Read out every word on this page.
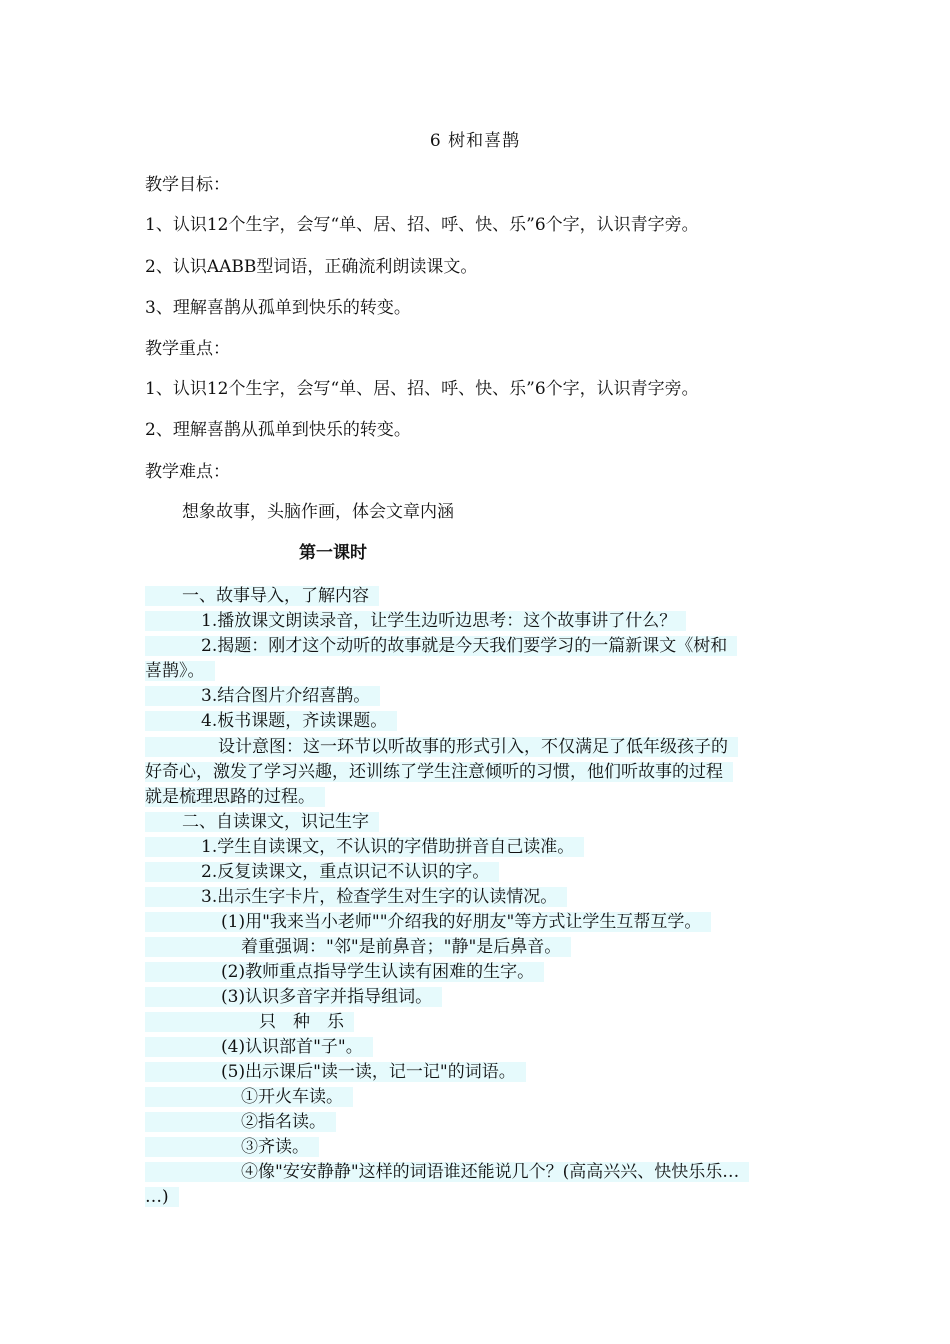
6 树和喜鹊
教学目标：
1、认识12个生字，会写“单、居、招、呼、快、乐”6个字，认识青字旁。
2、认识AABB型词语，正确流利朗读课文。
3、理解喜鹊从孤单到快乐的转变。
教学重点：
1、认识12个生字，会写“单、居、招、呼、快、乐”6个字，认识青字旁。
2、理解喜鹊从孤单到快乐的转变。
教学难点：
想象故事，头脑作画，体会文章内涵
第一课时
一、故事导入，了解内容
1.播放课文朗读录音，让学生边听边思考：这个故事讲了什么？
2.揭题：刚才这个动听的故事就是今天我们要学习的一篇新课文《树和
喜鹊》。
3.结合图片介绍喜鹊。
4.板书课题，齐读课题。
设计意图：这一环节以听故事的形式引入，不仅满足了低年级孩子的
好奇心，激发了学习兴趣，还训练了学生注意倾听的习惯，他们听故事的过程
就是梳理思路的过程。
二、自读课文，识记生字
1.学生自读课文，不认识的字借助拼音自己读准。
2.反复读课文，重点识记不认识的字。
3.出示生字卡片，检查学生对生字的认读情况。
(1)用"我来当小老师""介绍我的好朋友"等方式让学生互帮互学。
着重强调："邻"是前鼻音；"静"是后鼻音。
(2)教师重点指导学生认读有困难的生字。
(3)认识多音字并指导组词。
只　种　乐
(4)认识部首"子"。
(5)出示课后"读一读，记一记"的词语。
①开火车读。
②指名读。
③齐读。
④像"安安静静"这样的词语谁还能说几个？(高高兴兴、快快乐乐…
…)
